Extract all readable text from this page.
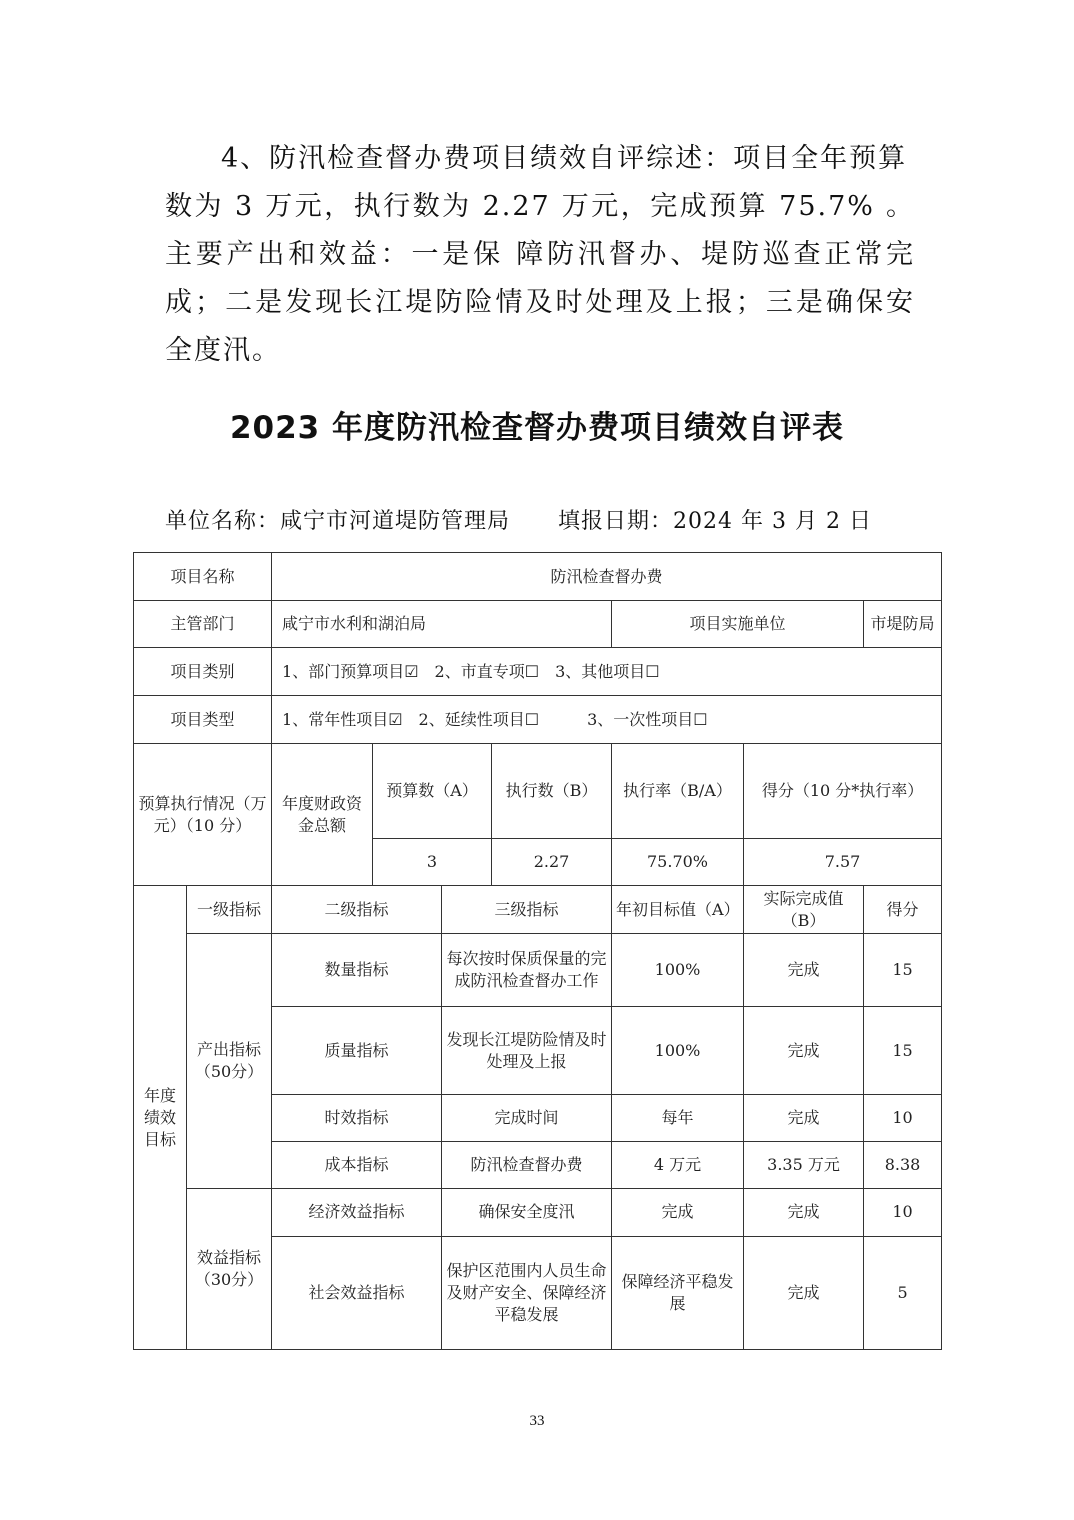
4、防汛检查督办费项目绩效自评综述：项目全年预算
数为 3 万元，执行数为 2.27 万元，完成预算 75.7% 。主要产出和效益：一是保 障防汛督办、堤防巡查正常完成；二是发现长江堤防险情及时处理及上报；三是确保安全度汛。
2023 年度防汛检查督办费项目绩效自评表
单位名称：咸宁市河道堤防管理局 填报日期：2024 年 3 月 2 日
项目名称		防汛检查督办费						
主管部门		咸宁市水利和湖泊局				项目实施单位		市堤防局
项目类别		1、部门预算项目☑　2、市直专项☐　3、其他项目☐						
项目类型		1、常年性项目☑　2、延续性项目☐　　　3、一次性项目☐						
预算执行情况（万元）（10 分）		年度财政资金总额	预算数（A）		执行数（B）	执行率（B/A）	得分（10 分*执行率）	
			3		2.27	75.70%	7.57	
年度绩效目标	一级指标	二级指标		三级指标		年初目标值（A）	实际完成值（B）	得分
	产出指标（50分）	数量指标		每次按时保质保量的完成防汛检查督办工作		100%	完成	15
		质量指标		发现长江堤防险情及时处理及上报		100%	完成	15
		时效指标		完成时间		每年	完成	10
		成本指标		防汛检查督办费		4 万元	3.35 万元	8.38
	效益指标（30分）	经济效益指标		确保安全度汛		完成	完成	10
		社会效益指标		保护区范围内人员生命及财产安全、保障经济平稳发展		保障经济平稳发展	完成	5
33
